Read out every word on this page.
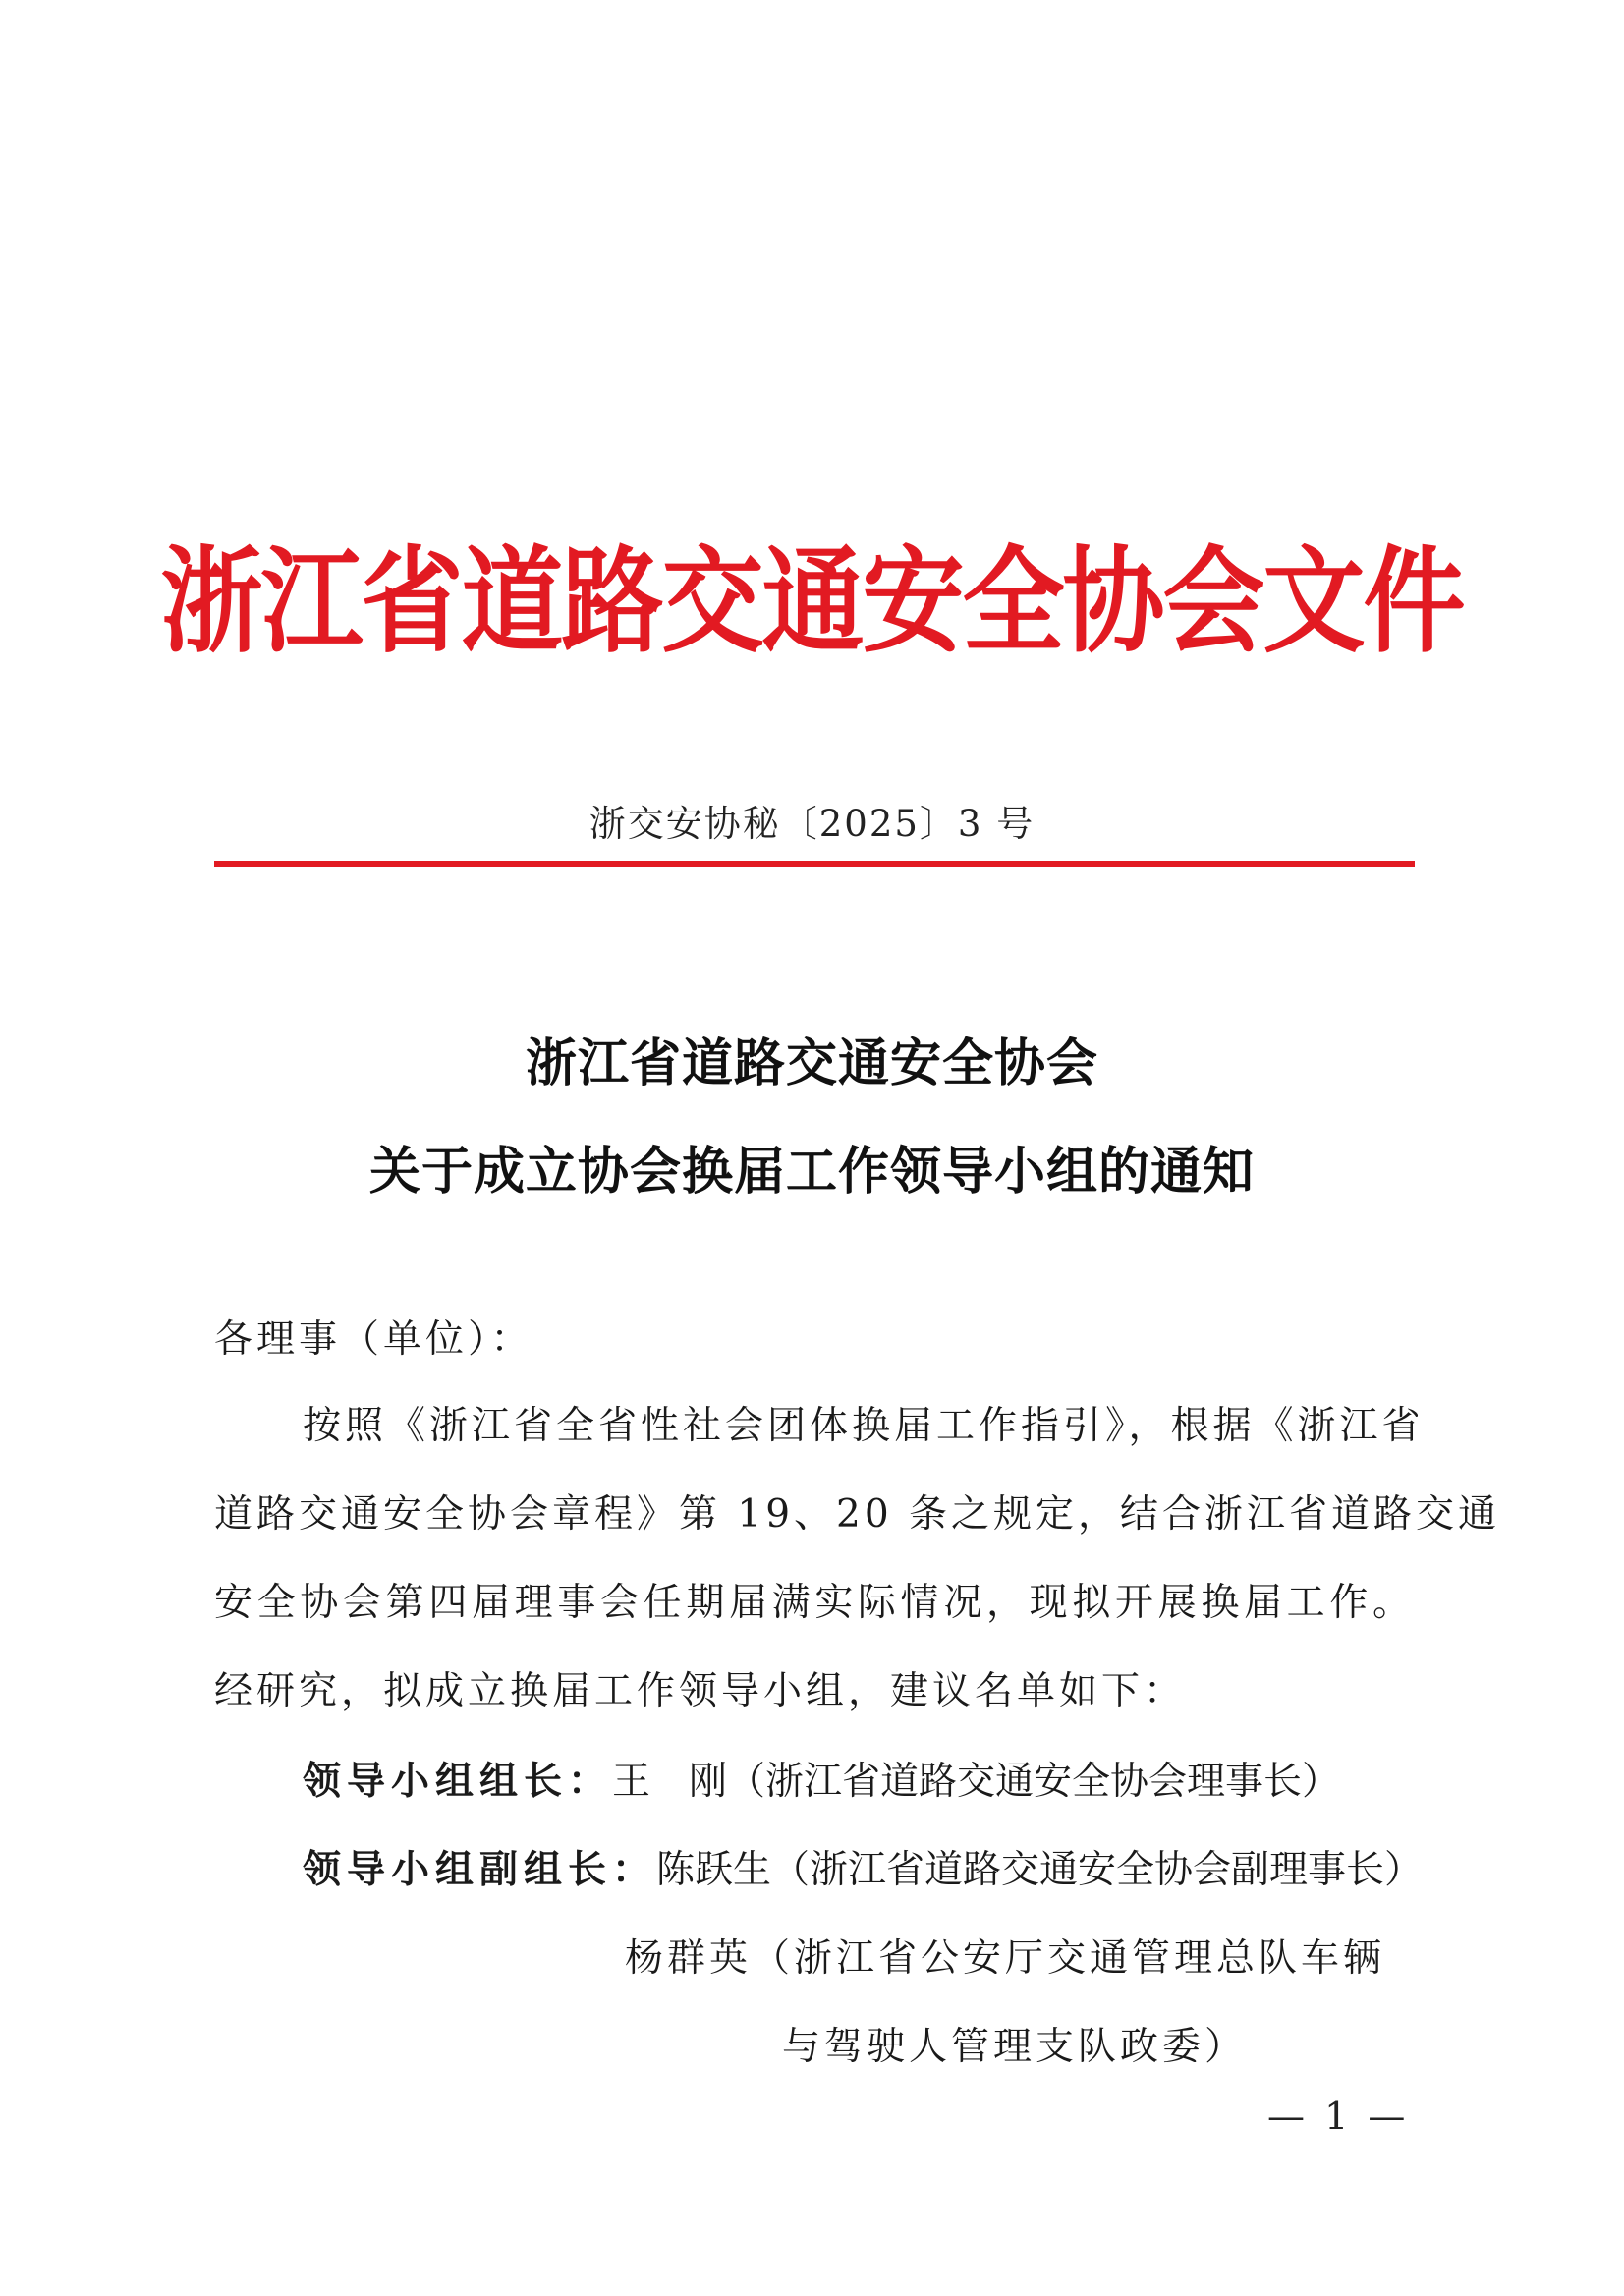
浙江省道路交通安全协会文件
浙交安协秘〔2025〕3 号
浙江省道路交通安全协会
关于成立协会换届工作领导小组的通知
各理事（单位）：
按照《浙江省全省性社会团体换届工作指引》，根据《浙江省
道路交通安全协会章程》第 19、20 条之规定，结合浙江省道路交通
安全协会第四届理事会任期届满实际情况，现拟开展换届工作。
经研究，拟成立换届工作领导小组，建议名单如下：
领导小组组长：王　刚（浙江省道路交通安全协会理事长）
领导小组副组长：陈跃生（浙江省道路交通安全协会副理事长）
杨群英（浙江省公安厅交通管理总队车辆
与驾驶人管理支队政委）
— 1 —
